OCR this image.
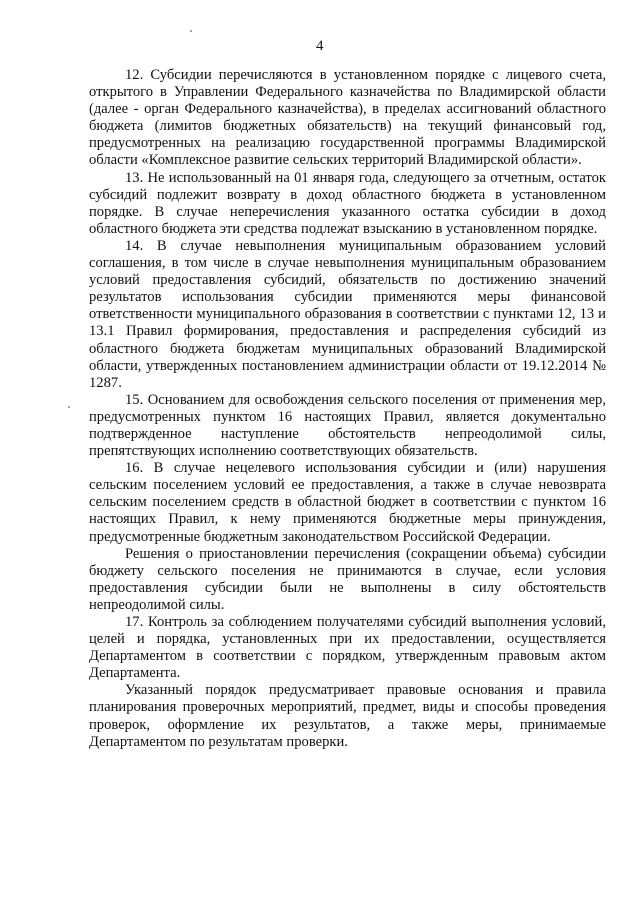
4

12. Субсидии перечисляются в установленном порядке с лицевого счета, открытого в Управлении Федерального казначейства по Владимирской области (далее - орган Федерального казначейства), в пределах ассигнований областного бюджета (лимитов бюджетных обязательств) на текущий финансовый год, предусмотренных на реализацию государственной программы Владимирской области «Комплексное развитие сельских территорий Владимирской области».

13. Не использованный на 01 января года, следующего за отчетным, остаток субсидий подлежит возврату в доход областного бюджета в установленном порядке. В случае неперечисления указанного остатка субсидии в доход областного бюджета эти средства подлежат взысканию в установленном порядке.

14. В случае невыполнения муниципальным образованием условий соглашения, в том числе в случае невыполнения муниципальным образованием условий предоставления субсидий, обязательств по достижению значений результатов использования субсидии применяются меры финансовой ответственности муниципального образования в соответствии с пунктами 12, 13 и 13.1 Правил формирования, предоставления и распределения субсидий из областного бюджета бюджетам муниципальных образований Владимирской области, утвержденных постановлением администрации области от 19.12.2014 № 1287.

15. Основанием для освобождения сельского поселения от применения мер, предусмотренных пунктом 16 настоящих Правил, является документально подтвержденное наступление обстоятельств непреодолимой силы, препятствующих исполнению соответствующих обязательств.

16. В случае нецелевого использования субсидии и (или) нарушения сельским поселением условий ее предоставления, а также в случае невозврата сельским поселением средств в областной бюджет в соответствии с пунктом 16 настоящих Правил, к нему применяются бюджетные меры принуждения, предусмотренные бюджетным законодательством Российской Федерации.

Решения о приостановлении перечисления (сокращении объема) субсидии бюджету сельского поселения не принимаются в случае, если условия предоставления субсидии были не выполнены в силу обстоятельств непреодолимой силы.

17. Контроль за соблюдением получателями субсидий выполнения условий, целей и порядка, установленных при их предоставлении, осуществляется Департаментом в соответствии с порядком, утвержденным правовым актом Департамента.

Указанный порядок предусматривает правовые основания и правила планирования проверочных мероприятий, предмет, виды и способы проведения проверок, оформление их результатов, а также меры, принимаемые Департаментом по результатам проверки.
